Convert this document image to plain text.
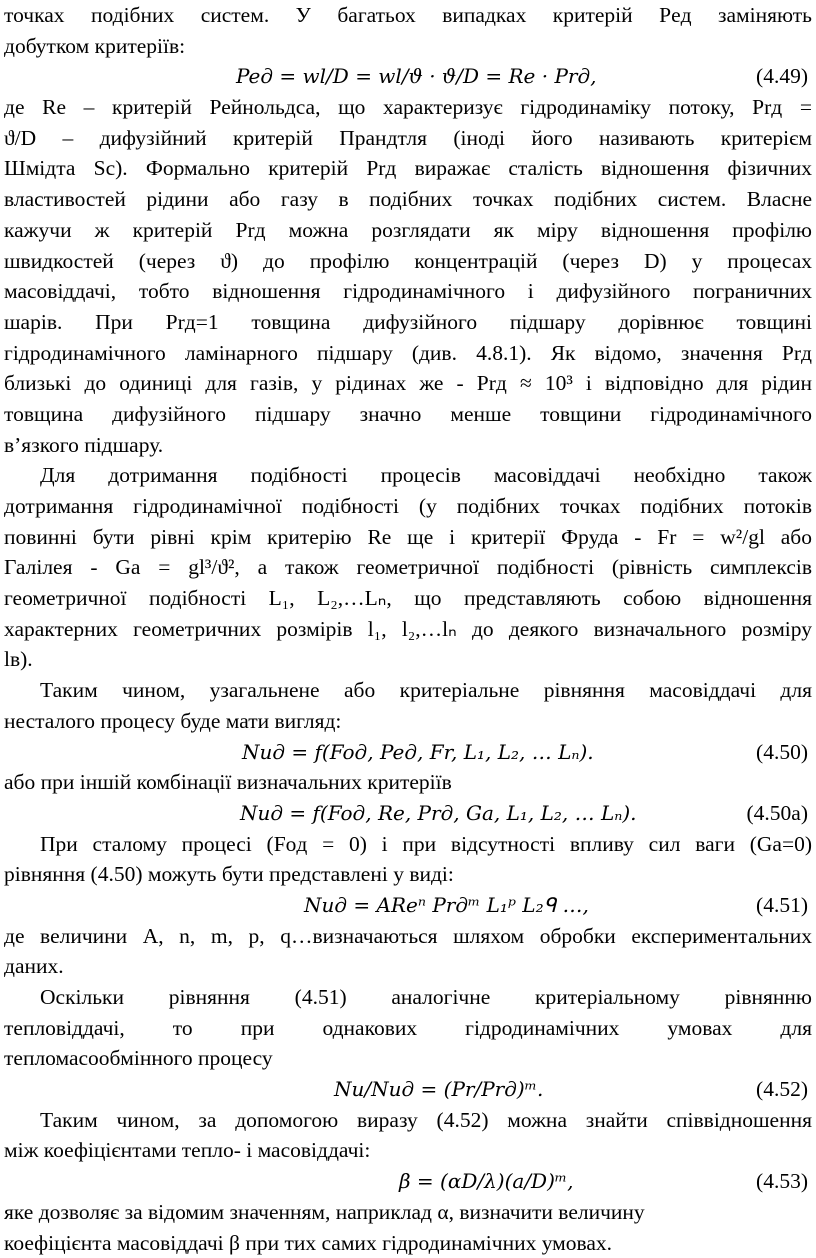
точках подібних систем. У багатьох випадках критерій Peд заміняють
добутком критеріїв:
Peд = wl/D = wl/ϑ · ϑ/D = Re · Prд,	(4.49)
де Re – критерій Рейнольдса, що характеризує гідродинаміку потоку, Prд =
ϑ/D – дифузійний критерій Прандтля (іноді його називають критерієм
Шмідта Sc). Формально критерій Prд виражає сталість відношення фізичних
властивостей рідини або газу в подібних точках подібних систем. Власне
кажучи ж критерій Prд можна розглядати як міру відношення профілю
швидкостей (через ϑ) до профілю концентрацій (через D) у процесах
масовіддачі, тобто відношення гідродинамічного і дифузійного пограничних
шарів. При Prд=1 товщина дифузійного підшару дорівнює товщині
гідродинамічного ламінарного підшару (див. 4.8.1). Як відомо, значення Prд
близькі до одиниці для газів, у рідинах же - Prд ≈ 10³ і відповідно для рідин
товщина дифузійного підшару значно менше товщини гідродинамічного
в’язкого підшару.
Для дотримання подібності процесів масовіддачі необхідно також
дотримання гідродинамічної подібності (у подібних точках подібних потоків
повинні бути рівні крім критерію Re ще і критерії Фруда - Fr = w²/gl або
Галілея - Ga = gl³/ϑ², а також геометричної подібності (рівність симплексів
геометричної подібності L₁, L₂,…Lₙ, що представляють собою відношення
характерних геометричних розмірів l₁, l₂,…lₙ до деякого визначального розміру
lв).
Таким чином, узагальнене або критеріальне рівняння масовіддачі для
несталого процесу буде мати вигляд:
Nuд = f(Foд, Peд, Fr, L₁, L₂, … Lₙ).	(4.50)
або при іншій комбінації визначальних критеріїв
Nuд = f(Foд, Re, Prд, Ga, L₁, L₂, … Lₙ).	(4.50а)
При сталому процесі (Foд = 0) і при відсутності впливу сил ваги (Ga=0)
рівняння (4.50) можуть бути представлені у виді:
Nuд = AReⁿ Prдᵐ L₁ᵖ L₂ᑫ …,	(4.51)
де величини A, n, m, p, q…визначаються шляхом обробки експериментальних
даних.
Оскільки рівняння (4.51) аналогічне критеріальному рівнянню
тепловіддачі, то при однакових гідродинамічних умовах для
тепломасообмінного процесу
Nu/Nuд = (Pr/Prд)ᵐ.	(4.52)
Таким чином, за допомогою виразу (4.52) можна знайти співвідношення
між коефіцієнтами тепло- і масовіддачі:
β = (αD/λ)(a/D)ᵐ,	(4.53)
яке дозволяє за відомим значенням, наприклад α, визначити величину
коефіцієнта масовіддачі β при тих самих гідродинамічних умовах.
